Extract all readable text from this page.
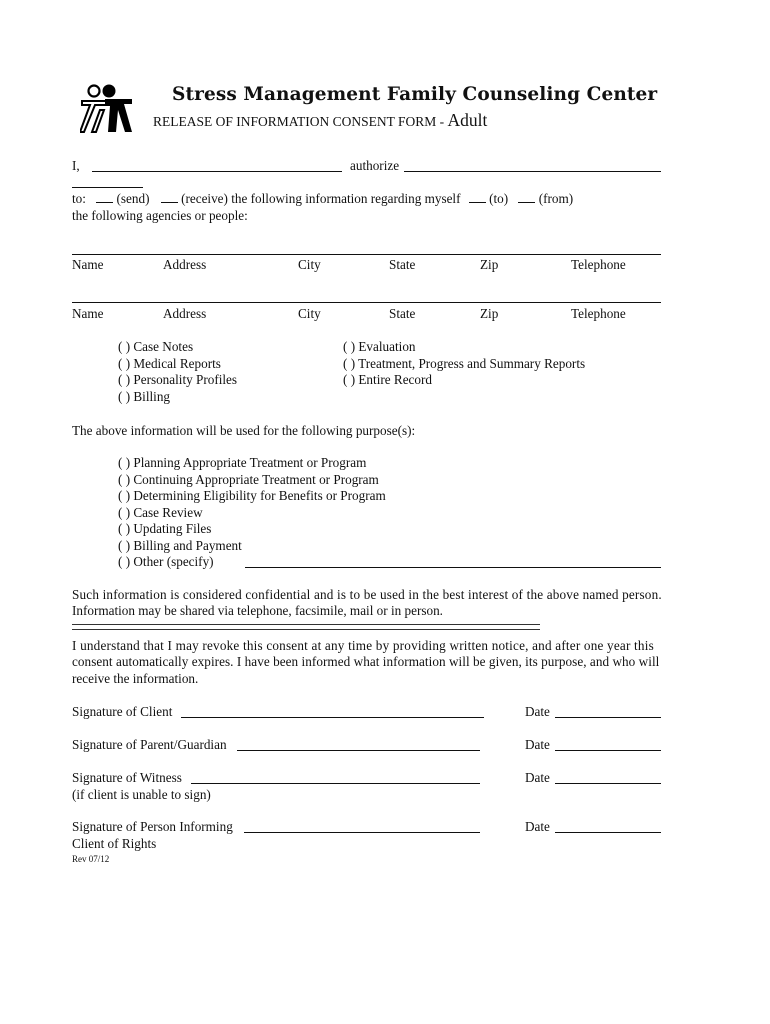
Stress Management Family Counseling Center
RELEASE OF INFORMATION CONSENT FORM - Adult
I,	authorize
to: (send) (receive) the following information regarding myself (to) (from)
the following agencies or people:
Name	Address	City	State	Zip	Telephone
Name	Address	City	State	Zip	Telephone
( ) Case Notes
( ) Medical Reports
( ) Personality Profiles
( ) Billing
( ) Evaluation
( ) Treatment, Progress and Summary Reports
( ) Entire Record
The above information will be used for the following purpose(s):
( ) Planning Appropriate Treatment or Program
( ) Continuing Appropriate Treatment or Program
( ) Determining Eligibility for Benefits or Program
( ) Case Review
( ) Updating Files
( ) Billing and Payment
( ) Other (specify)
Such information is considered confidential and is to be used in the best interest of the above named person.
Information may be shared via telephone, facsimile, mail or in person.
I understand that I may revoke this consent at any time by providing written notice, and after one year this
consent automatically expires. I have been informed what information will be given, its purpose, and who will
receive the information.
Signature of Client	Date
Signature of Parent/Guardian	Date
Signature of Witness	Date
(if client is unable to sign)
Signature of Person Informing	Date
Client of Rights
Rev 07/12
